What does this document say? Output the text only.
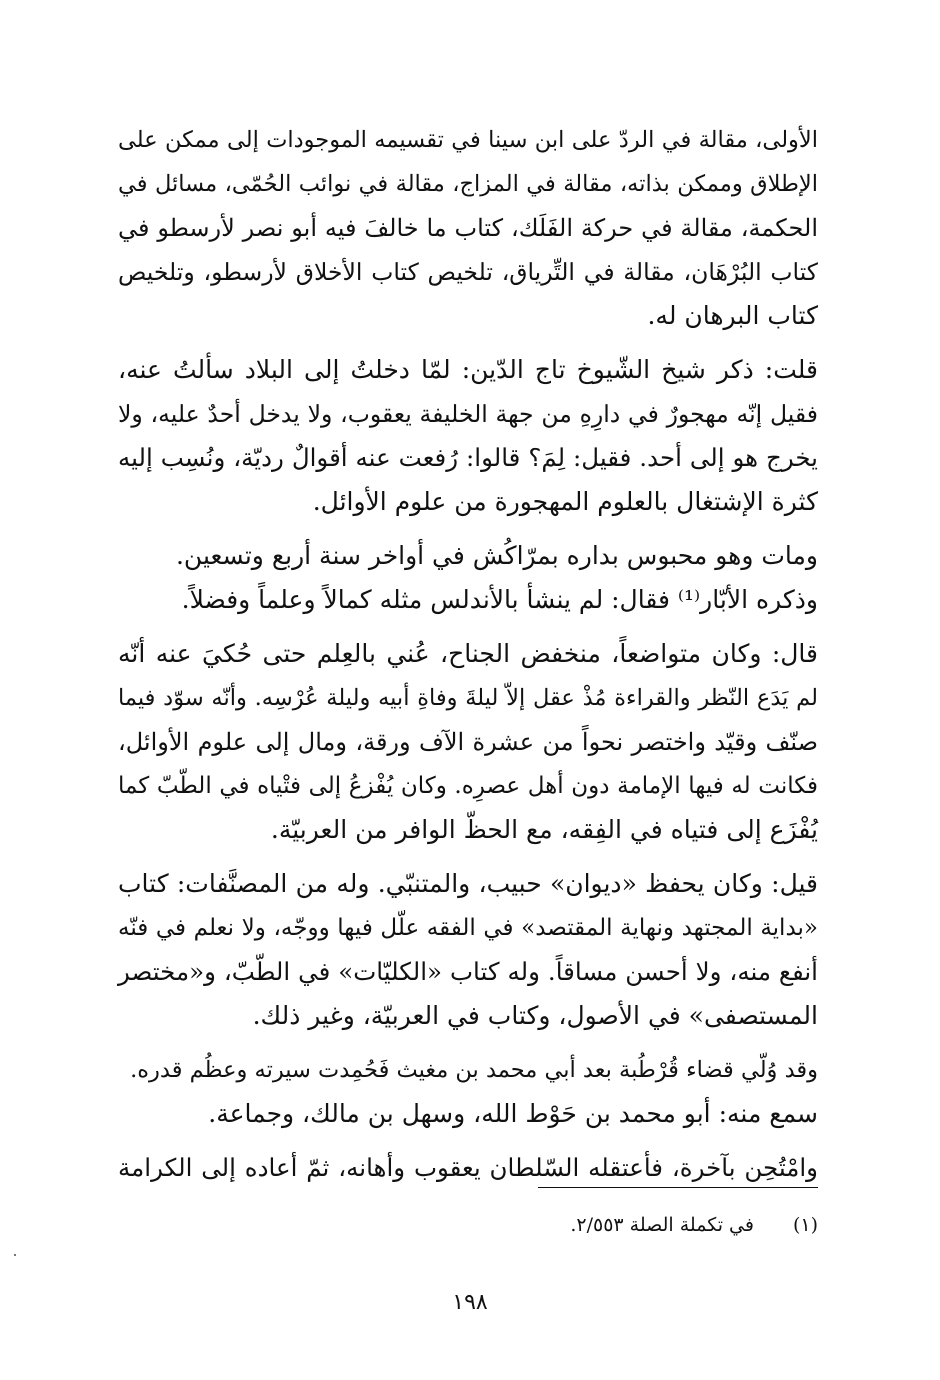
الأولى، مقالة في الردّ على ابن سينا في تقسيمه الموجودات إلى ممكن على
الإطلاق وممكن بذاته، مقالة في المزاج، مقالة في نوائب الحُمّى، مسائل في
الحكمة، مقالة في حركة الفَلَك، كتاب ما خالفَ فيه أبو نصر لأرسطو في
كتاب البُرْهَان، مقالة في التِّرياق، تلخيص كتاب الأخلاق لأرسطو، وتلخيص
كتاب البرهان له.
قلت: ذكر شيخ الشّيوخ تاج الدّين: لمّا دخلتُ إلى البلاد سألتُ عنه،
فقيل إنّه مهجورٌ في دارِهِ من جهة الخليفة يعقوب، ولا يدخل أحدٌ عليه، ولا
يخرج هو إلى أحد. فقيل: لِمَ؟ قالوا: رُفعت عنه أقوالٌ رديّة، ونُسِب إليه
كثرة الإشتغال بالعلوم المهجورة من علوم الأوائل.
ومات وهو محبوس بداره بمرّاكُش في أواخر سنة أربع وتسعين.
وذكره الأبّار⁽¹⁾ فقال: لم ينشأ بالأندلس مثله كمالاً وعلماً وفضلاً.
قال: وكان متواضعاً، منخفض الجناح، عُني بالعِلم حتى حُكيَ عنه أنّه
لم يَدَع النّظر والقراءة مُذْ عقل إلاّ ليلةَ وفاةِ أبيه وليلة عُرْسِه. وأنّه سوّد فيما
صنّف وقيّد واختصر نحواً من عشرة الآف ورقة، ومال إلى علوم الأوائل،
فكانت له فيها الإمامة دون أهل عصرِه. وكان يُفْزعُ إلى فتْياه في الطّبّ كما
يُفْزَع إلى فتياه في الفِقه، مع الحظّ الوافر من العربيّة.
قيل: وكان يحفظ «ديوان» حبيب، والمتنبّي. وله من المصنَّفات: كتاب
«بداية المجتهد ونهاية المقتصد» في الفقه علّل فيها ووجّه، ولا نعلم في فنّه
أنفع منه، ولا أحسن مساقاً. وله كتاب «الكليّات» في الطّبّ، و«مختصر
المستصفى» في الأصول، وكتاب في العربيّة، وغير ذلك.
وقد وُلّي قضاء قُرْطُبة بعد أبي محمد بن مغيث فَحُمِدت سيرته وعظُم قدره.
سمع منه: أبو محمد بن حَوْط الله، وسهل بن مالك، وجماعة.
وامْتُحِن بآخرة، فأعتقله السّلطان يعقوب وأهانه، ثمّ أعاده إلى الكرامة
(١) في تكملة الصلة ٢/٥٥٣.
١٩٨
